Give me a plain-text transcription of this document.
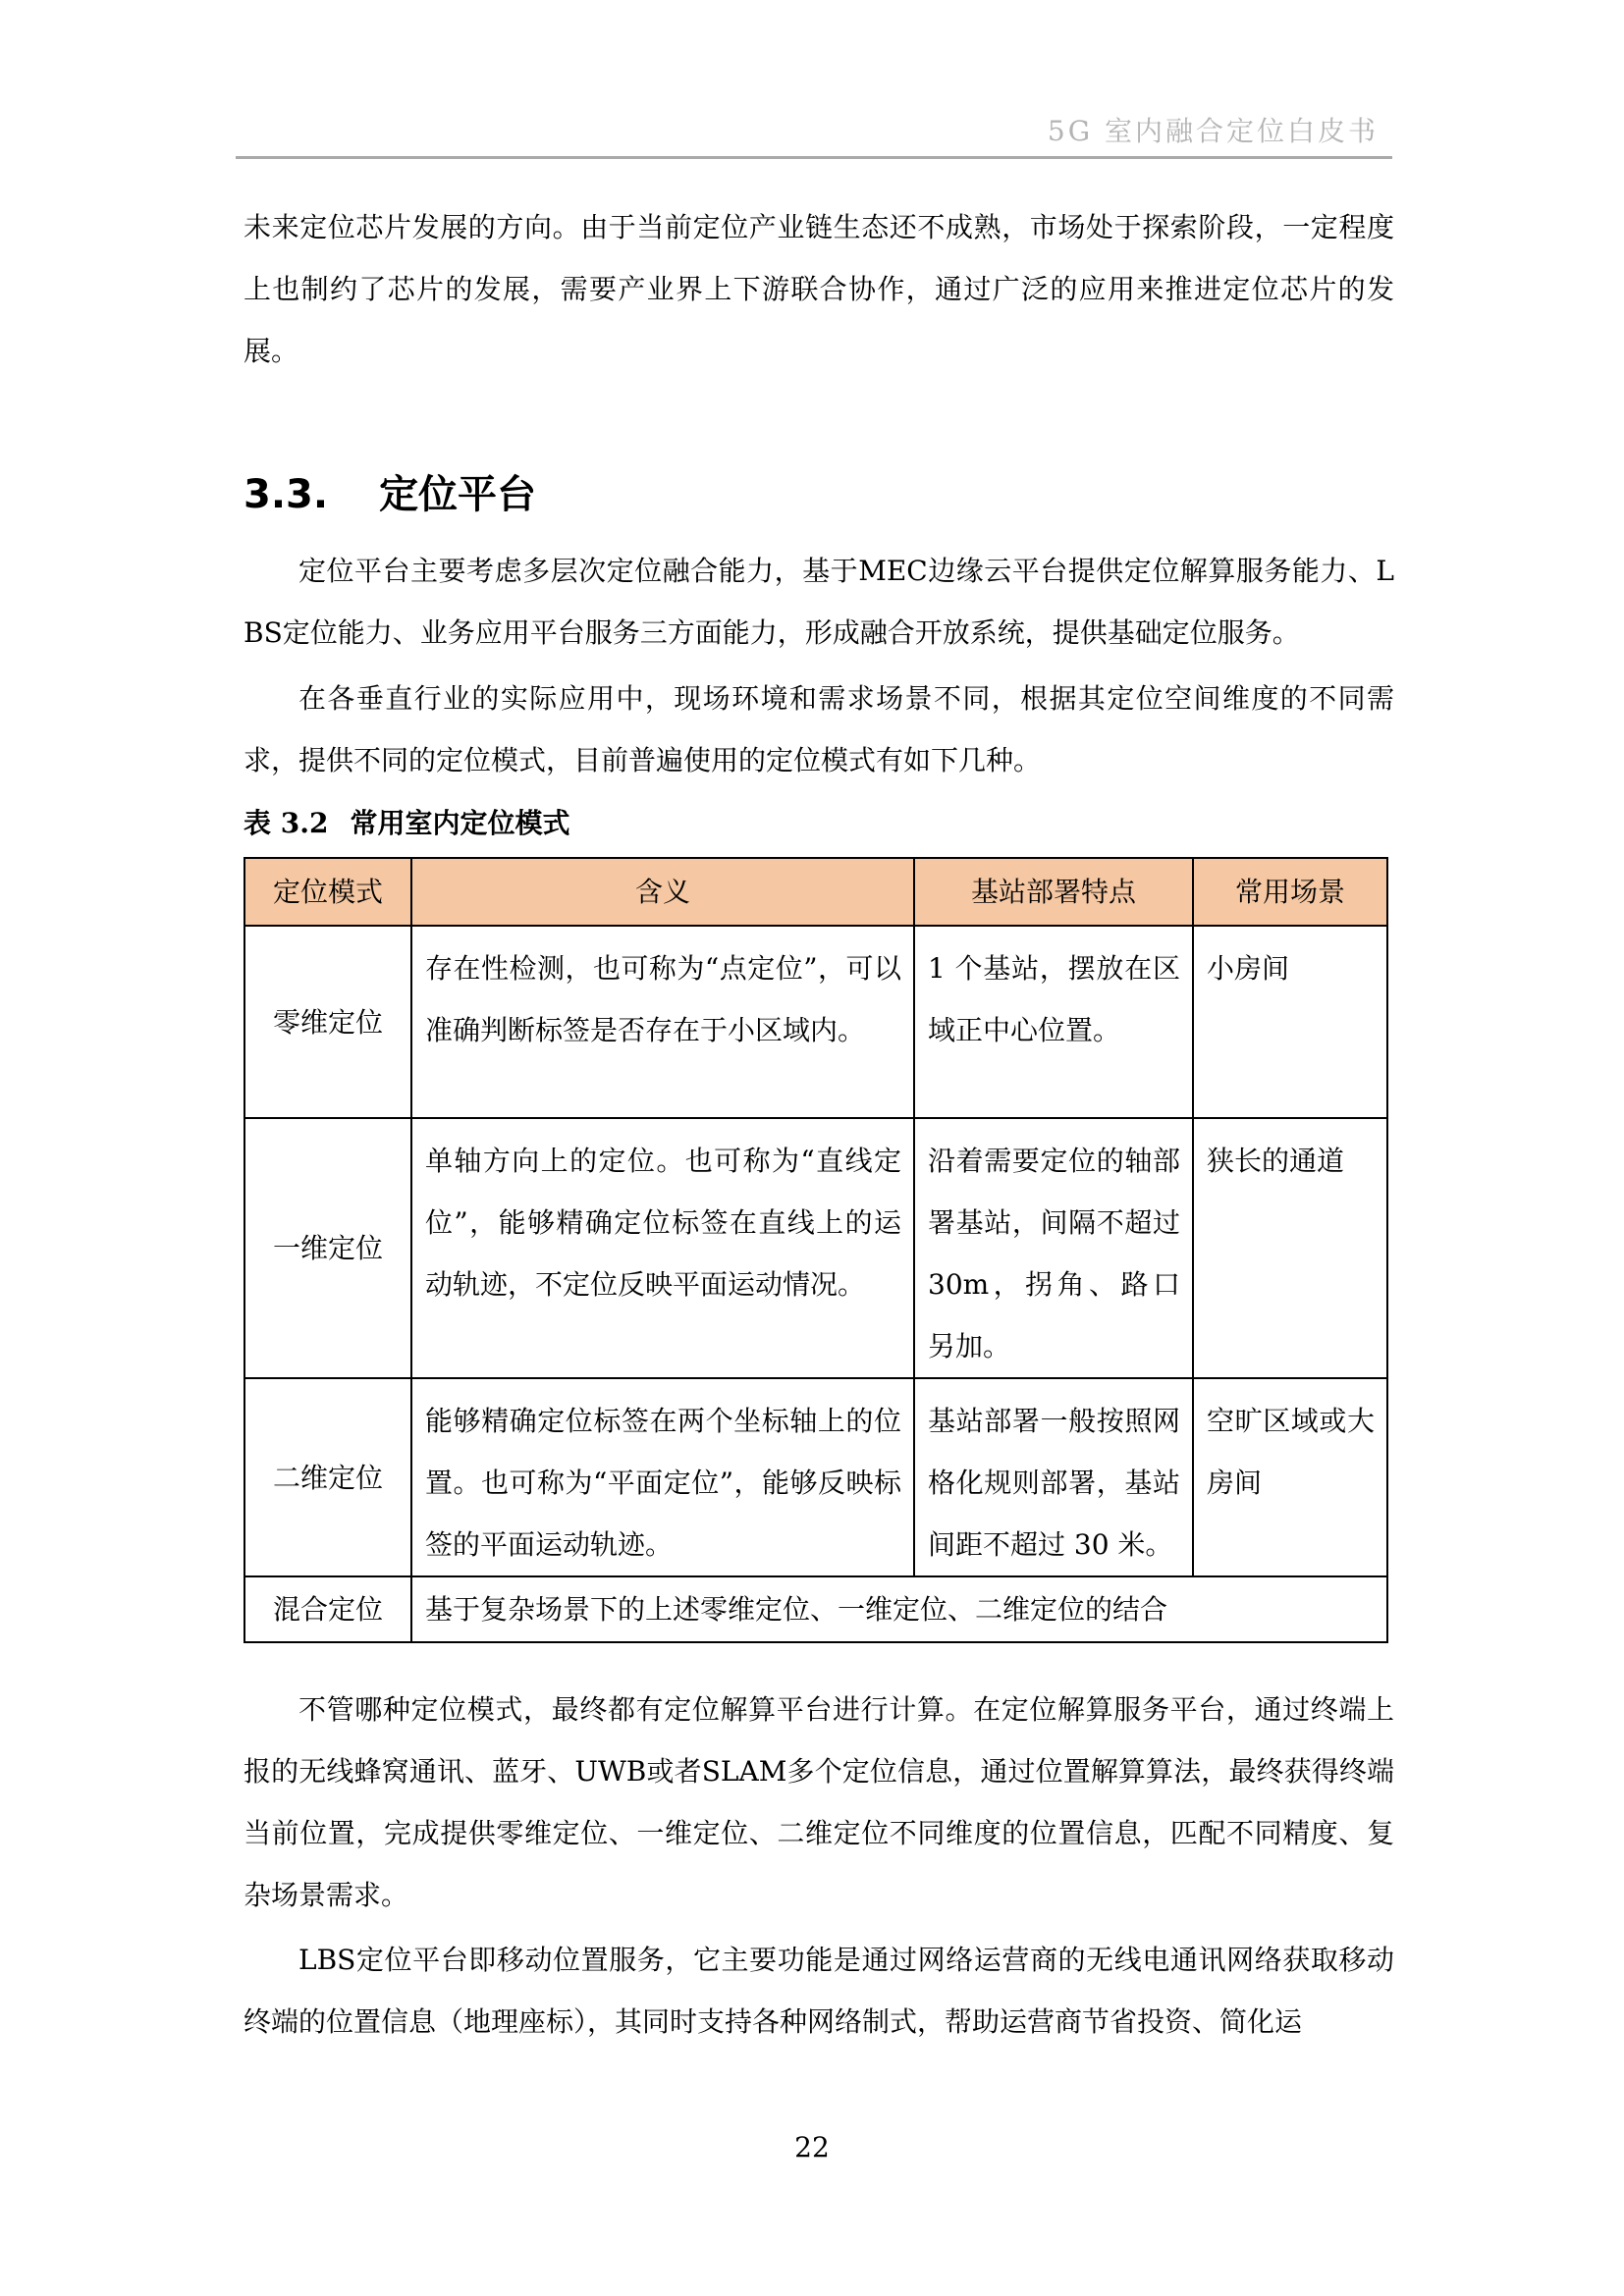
5G 室内融合定位白皮书
未来定位芯片发展的方向。由于当前定位产业链生态还不成熟，市场处于探索阶段，一定程度上也制约了芯片的发展，需要产业界上下游联合协作，通过广泛的应用来推进定位芯片的发展。
3.3. 定位平台
定位平台主要考虑多层次定位融合能力，基于MEC边缘云平台提供定位解算服务能力、LBS定位能力、业务应用平台服务三方面能力，形成融合开放系统，提供基础定位服务。
在各垂直行业的实际应用中，现场环境和需求场景不同，根据其定位空间维度的不同需求，提供不同的定位模式，目前普遍使用的定位模式有如下几种。
表 3.2 常用室内定位模式
定位模式	含义	基站部署特点	常用场景
零维定位	存在性检测，也可称为“点定位”，可以准确判断标签是否存在于小区域内。	1 个基站，摆放在区域正中心位置。	小房间
一维定位	单轴方向上的定位。也可称为“直线定位”，能够精确定位标签在直线上的运动轨迹，不定位反映平面运动情况。	沿着需要定位的轴部署基站，间隔不超过30m，拐角、路口另加。	狭长的通道
二维定位	能够精确定位标签在两个坐标轴上的位置。也可称为“平面定位”，能够反映标签的平面运动轨迹。	基站部署一般按照网格化规则部署，基站间距不超过 30 米。	空旷区域或大房间
混合定位	基于复杂场景下的上述零维定位、一维定位、二维定位的结合		
不管哪种定位模式，最终都有定位解算平台进行计算。在定位解算服务平台，通过终端上报的无线蜂窝通讯、蓝牙、UWB或者SLAM多个定位信息，通过位置解算算法，最终获得终端当前位置，完成提供零维定位、一维定位、二维定位不同维度的位置信息，匹配不同精度、复杂场景需求。
LBS定位平台即移动位置服务，它主要功能是通过网络运营商的无线电通讯网络获取移动终端的位置信息（地理座标），其同时支持各种网络制式，帮助运营商节省投资、简化运
22
